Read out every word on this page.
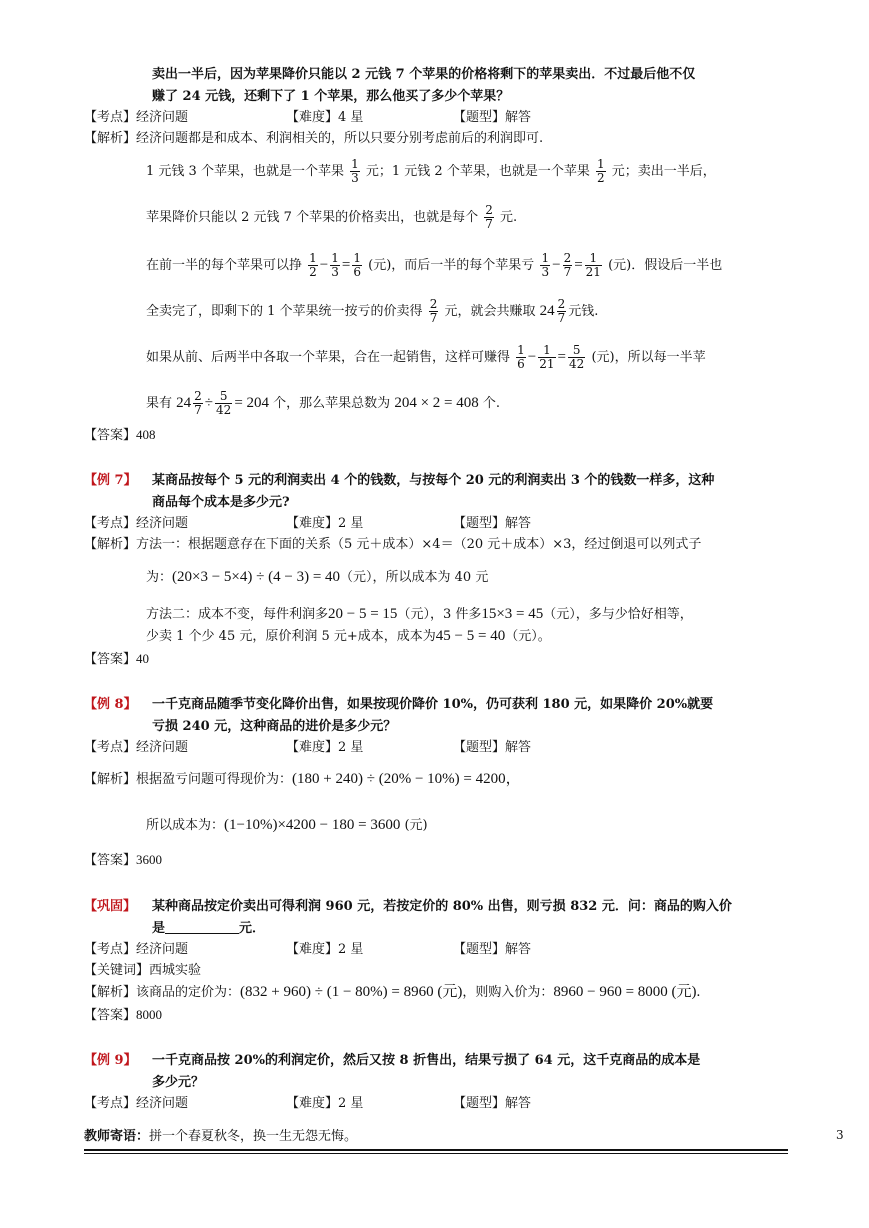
卖出一半后，因为苹果降价只能以 2 元钱 7 个苹果的价格将剩下的苹果卖出．不过最后他不仅
赚了 24 元钱，还剩下了 1 个苹果，那么他买了多少个苹果？
【考点】经济问题	【难度】4 星	【题型】解答
【解析】经济问题都是和成本、利润相关的，所以只要分别考虑前后的利润即可.
1 元钱 3 个苹果，也就是一个苹果 $\frac{1}{3}$ 元；1 元钱 2 个苹果，也就是一个苹果 $\frac{1}{2}$ 元；卖出一半后，
苹果降价只能以 2 元钱 7 个苹果的价格卖出，也就是每个 $\frac{2}{7}$ 元.
在前一半的每个苹果可以挣 $\frac{1}{2} - \frac{1}{3} = \frac{1}{6}$ (元)，而后一半的每个苹果亏 $\frac{1}{3} - \frac{2}{7} = \frac{1}{21}$ (元)．假设后一半也
全卖完了，即剩下的 1 个苹果统一按亏的价卖得 $\frac{2}{7}$ 元，就会共赚取 $24 \frac{2}{7}$ 元钱.
如果从前、后两半中各取一个苹果，合在一起销售，这样可赚得 $\frac{1}{6} - \frac{1}{21} = \frac{5}{42}$ (元)，所以每一半苹
果有 $24 \frac{2}{7} \div \frac{5}{42} = 204$ 个，那么苹果总数为 204 × 2 = 408 个.
【答案】408
【例 7】 某商品按每个 5 元的利润卖出 4 个的钱数，与按每个 20 元的利润卖出 3 个的钱数一样多，这种
商品每个成本是多少元?
【考点】经济问题	【难度】2 星	【题型】解答
【解析】方法一：根据题意存在下面的关系（5 元＋成本）×4＝（20 元＋成本）×3，经过倒退可以列式子
为：(20×3 − 5×4) ÷ (4 − 3) = 40（元），所以成本为 40 元
方法二：成本不变，每件利润多20 − 5 = 15（元），3 件多15×3 = 45（元），多与少恰好相等，
少卖 1 个少 45 元，原价利润 5 元+成本，成本为45 − 5 = 40（元）。
【答案】40
【例 8】 一千克商品随季节变化降价出售，如果按现价降价 10%，仍可获利 180 元，如果降价 20%就要
亏损 240 元，这种商品的进价是多少元？
【考点】经济问题	【难度】2 星	【题型】解答
【解析】根据盈亏问题可得现价为：(180 + 240) ÷ (20% − 10%) = 4200，
所以成本为：(1−10%)×4200 − 180 = 3600 (元)
【答案】3600
【巩固】 某种商品按定价卖出可得利润 960 元，若按定价的 80% 出售，则亏损 832 元．问：商品的购入价
是	元．
【考点】经济问题	【难度】2 星	【题型】解答
【关键词】西城实验
【解析】该商品的定价为：(832 + 960) ÷ (1 − 80%) = 8960 (元)，则购入价为：8960 − 960 = 8000 (元).
【答案】8000
【例 9】 一千克商品按 20%的利润定价，然后又按 8 折售出，结果亏损了 64 元，这千克商品的成本是
多少元？
【考点】经济问题	【难度】2 星	【题型】解答
教师寄语：拼一个春夏秋冬，换一生无怨无悔。	3
